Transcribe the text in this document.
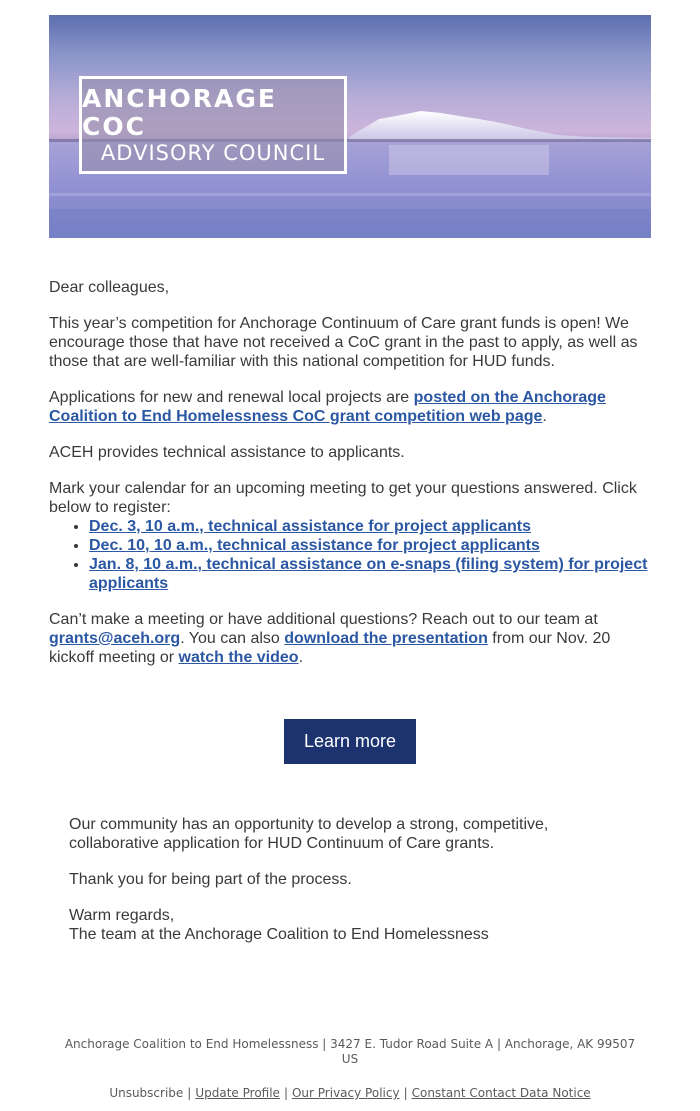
ANCHORAGE COC
ADVISORY COUNCIL

Dear colleagues,

This year’s competition for Anchorage Continuum of Care grant funds is open! We encourage those that have not received a CoC grant in the past to apply, as well as those that are well-familiar with this national competition for HUD funds.

Applications for new and renewal local projects are posted on the Anchorage Coalition to End Homelessness CoC grant competition web page.

ACEH provides technical assistance to applicants.

Mark your calendar for an upcoming meeting to get your questions answered. Click below to register:

• Dec. 3, 10 a.m., technical assistance for project applicants
• Dec. 10, 10 a.m., technical assistance for project applicants
• Jan. 8, 10 a.m., technical assistance on e-snaps (filing system) for project applicants

Can’t make a meeting or have additional questions? Reach out to our team at grants@aceh.org. You can also download the presentation from our Nov. 20 kickoff meeting or watch the video.

Learn more

Our community has an opportunity to develop a strong, competitive, collaborative application for HUD Continuum of Care grants.

Thank you for being part of the process.

Warm regards,
The team at the Anchorage Coalition to End Homelessness

Anchorage Coalition to End Homelessness | 3427 E. Tudor Road Suite A | Anchorage, AK 99507 US
Unsubscribe | Update Profile | Our Privacy Policy | Constant Contact Data Notice
